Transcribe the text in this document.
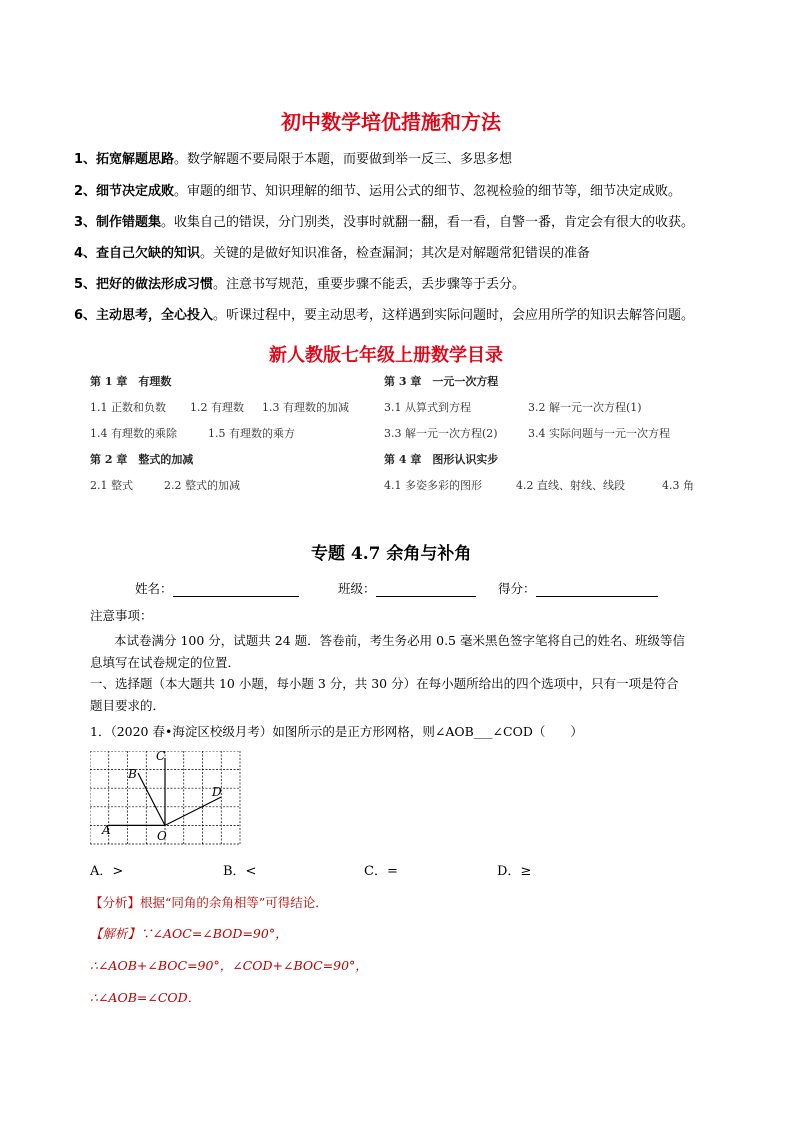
初中数学培优措施和方法
1、拓宽解题思路。数学解题不要局限于本题，而要做到举一反三、多思多想
2、细节决定成败。审题的细节、知识理解的细节、运用公式的细节、忽视检验的细节等，细节决定成败。
3、制作错题集。收集自己的错误，分门别类，没事时就翻一翻，看一看，自警一番，肯定会有很大的收获。
4、查自己欠缺的知识。关键的是做好知识准备，检查漏洞；其次是对解题常犯错误的准备
5、把好的做法形成习惯。注意书写规范，重要步骤不能丢，丢步骤等于丢分。
6、主动思考，全心投入。听课过程中，要主动思考，这样遇到实际问题时，会应用所学的知识去解答问题。
新人教版七年级上册数学目录
第 1 章　有理数
1.1 正数和负数 1.2 有理数 1.3 有理数的加减
1.4 有理数的乘除	1.5 有理数的乘方
第 2 章　整式的加减
2.1 整式	2.2 整式的加减
第 3 章　一元一次方程
3.1 从算式到方程	3.2 解一元一次方程(1)
3.3 解一元一次方程(2)	3.4 实际问题与一元一次方程
第 4 章　图形认识实步
4.1 多姿多彩的图形	4.2 直线、射线、线段	4.3 角
专题 4.7 余角与补角
姓名：	班级：	得分：
注意事项：
本试卷满分 100 分，试题共 24 题．答卷前，考生务必用 0.5 毫米黑色签字笔将自己的姓名、班级等信
息填写在试卷规定的位置．
一、选择题（本大题共 10 小题，每小题 3 分，共 30 分）在每小题所给出的四个选项中，只有一项是符合
题目要求的．
1．（2020 春•海淀区校级月考）如图所示的是正方形网格，则∠AOB___∠COD（　　）
C
B
D
A	O
A．>	B．<	C．=	D．≥
【分析】根据“同角的余角相等”可得结论．
【解析】∵∠AOC=∠BOD=90°，
∴∠AOB+∠BOC=90°，∠COD+∠BOC=90°，
∴∠AOB=∠COD．
